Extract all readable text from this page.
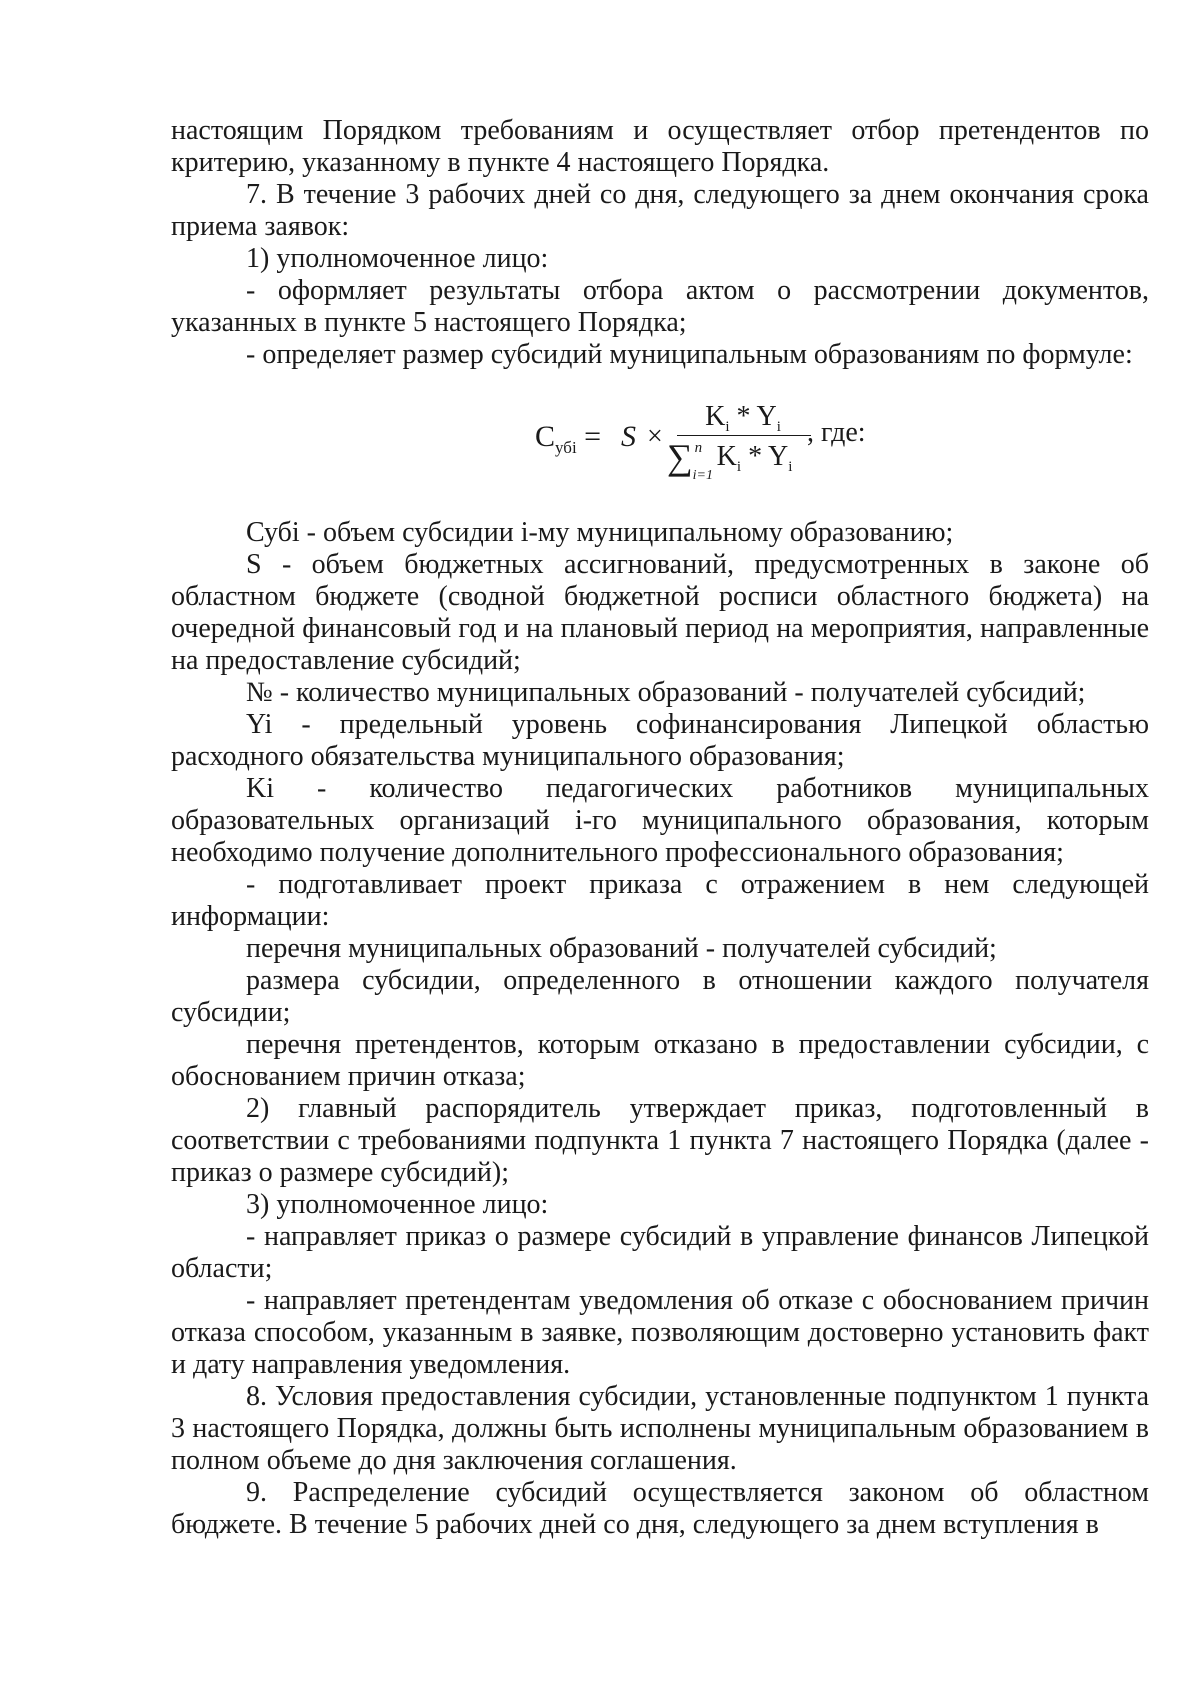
настоящим Порядком требованиям и осуществляет отбор претендентов по критерию, указанному в пункте 4 настоящего Порядка.

7. В течение 3 рабочих дней со дня, следующего за днем окончания срока приема заявок:

1) уполномоченное лицо:

- оформляет результаты отбора актом о рассмотрении документов, указанных в пункте 5 настоящего Порядка;

- определяет размер субсидий муниципальным образованиям по формуле:

$С_{убi} = S$ ×
$K_i * Y_i$
∑ n
i=1
$K_i * Y_i$
, где:

Субi - объем субсидии i-му муниципальному образованию;

S - объем бюджетных ассигнований, предусмотренных в законе об областном бюджете (сводной бюджетной росписи областного бюджета) на очередной финансовый год и на плановый период на мероприятия, направленные на предоставление субсидий;

№ - количество муниципальных образований - получателей субсидий;

Yi - предельный уровень софинансирования Липецкой областью расходного обязательства муниципального образования;

Ki - количество педагогических работников муниципальных образовательных организаций i-го муниципального образования, которым необходимо получение дополнительного профессионального образования;

- подготавливает проект приказа с отражением в нем следующей информации:

перечня муниципальных образований - получателей субсидий;

размера субсидии, определенного в отношении каждого получателя субсидии;

перечня претендентов, которым отказано в предоставлении субсидии, с обоснованием причин отказа;

2) главный распорядитель утверждает приказ, подготовленный в соответствии с требованиями подпункта 1 пункта 7 настоящего Порядка (далее - приказ о размере субсидий);

3) уполномоченное лицо:

- направляет приказ о размере субсидий в управление финансов Липецкой области;

- направляет претендентам уведомления об отказе с обоснованием причин отказа способом, указанным в заявке, позволяющим достоверно установить факт и дату направления уведомления.

8. Условия предоставления субсидии, установленные подпунктом 1 пункта 3 настоящего Порядка, должны быть исполнены муниципальным образованием в полном объеме до дня заключения соглашения.

9. Распределение субсидий осуществляется законом об областном бюджете. В течение 5 рабочих дней со дня, следующего за днем вступления в
